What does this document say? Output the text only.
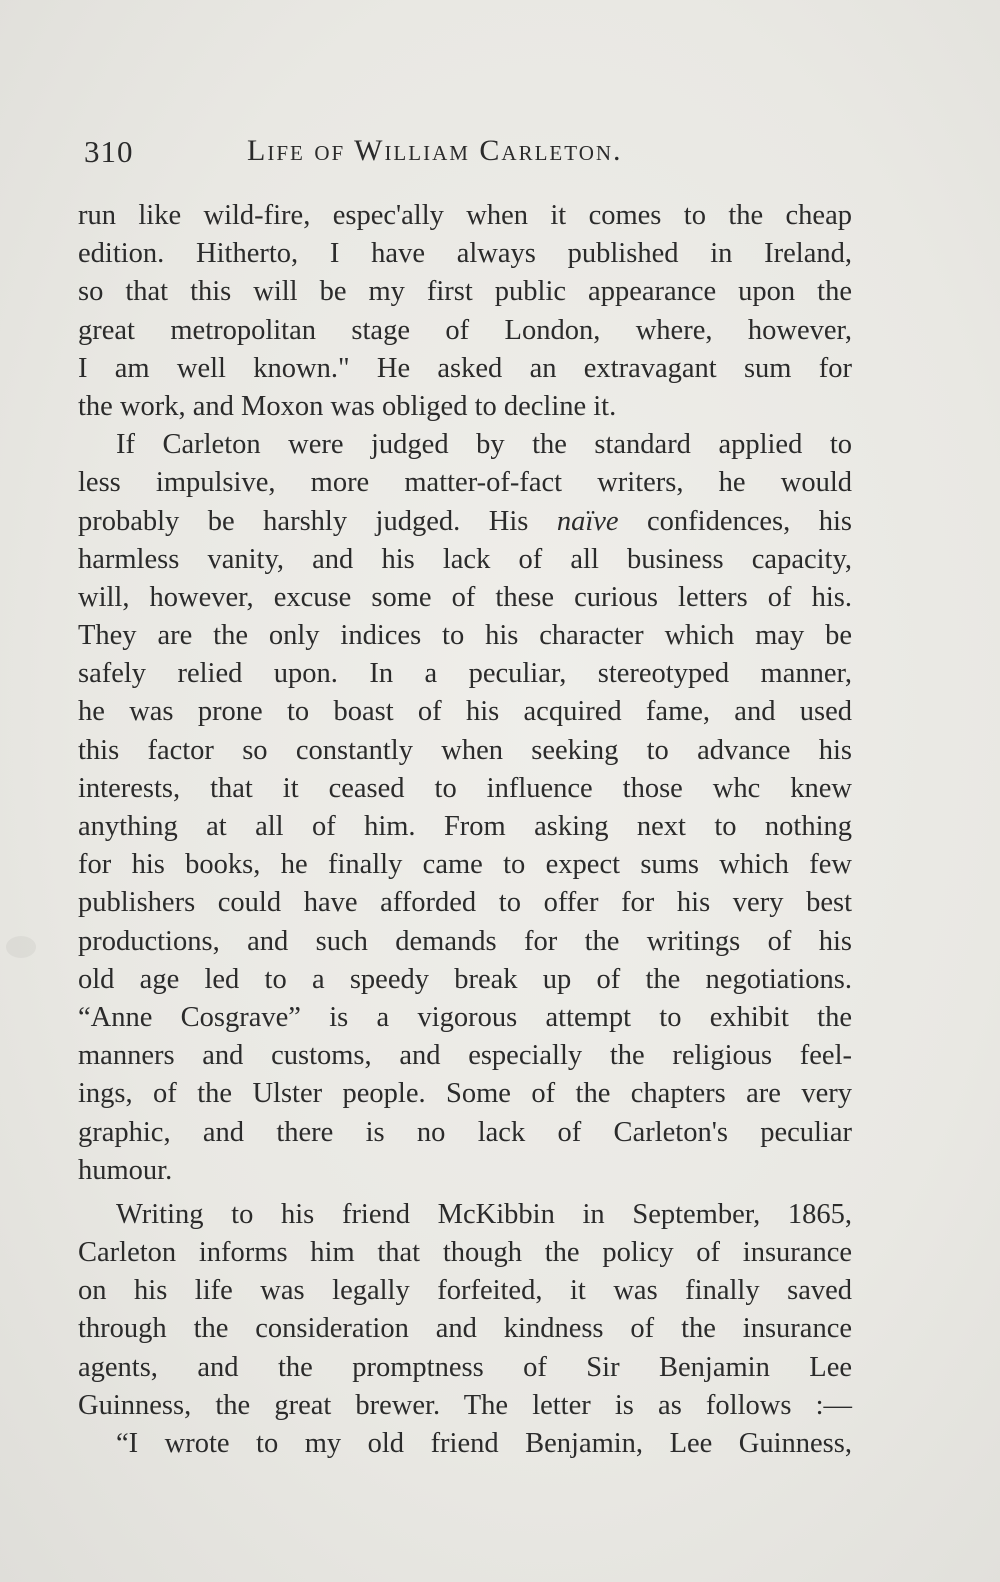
310	Life of William Carleton.
run like wild-fire, espec'ally when it comes to the cheap
edition. Hitherto, I have always published in Ireland,
so that this will be my first public appearance upon the
great metropolitan stage of London, where, however,
I am well known." He asked an extravagant sum for
the work, and Moxon was obliged to decline it.
If Carleton were judged by the standard applied to
less impulsive, more matter-of-fact writers, he would
probably be harshly judged. His naïve confidences, his
harmless vanity, and his lack of all business capacity,
will, however, excuse some of these curious letters of his.
They are the only indices to his character which may be
safely relied upon. In a peculiar, stereotyped manner,
he was prone to boast of his acquired fame, and used
this factor so constantly when seeking to advance his
interests, that it ceased to influence those whc knew
anything at all of him. From asking next to nothing
for his books, he finally came to expect sums which few
publishers could have afforded to offer for his very best
productions, and such demands for the writings of his
old age led to a speedy break up of the negotiations.
“Anne Cosgrave” is a vigorous attempt to exhibit the
manners and customs, and especially the religious feel-
ings, of the Ulster people. Some of the chapters are very
graphic, and there is no lack of Carleton's peculiar
humour.
Writing to his friend McKibbin in September, 1865,
Carleton informs him that though the policy of insurance
on his life was legally forfeited, it was finally saved
through the consideration and kindness of the insurance
agents, and the promptness of Sir Benjamin Lee
Guinness, the great brewer. The letter is as follows :—
“I wrote to my old friend Benjamin, Lee Guinness,
